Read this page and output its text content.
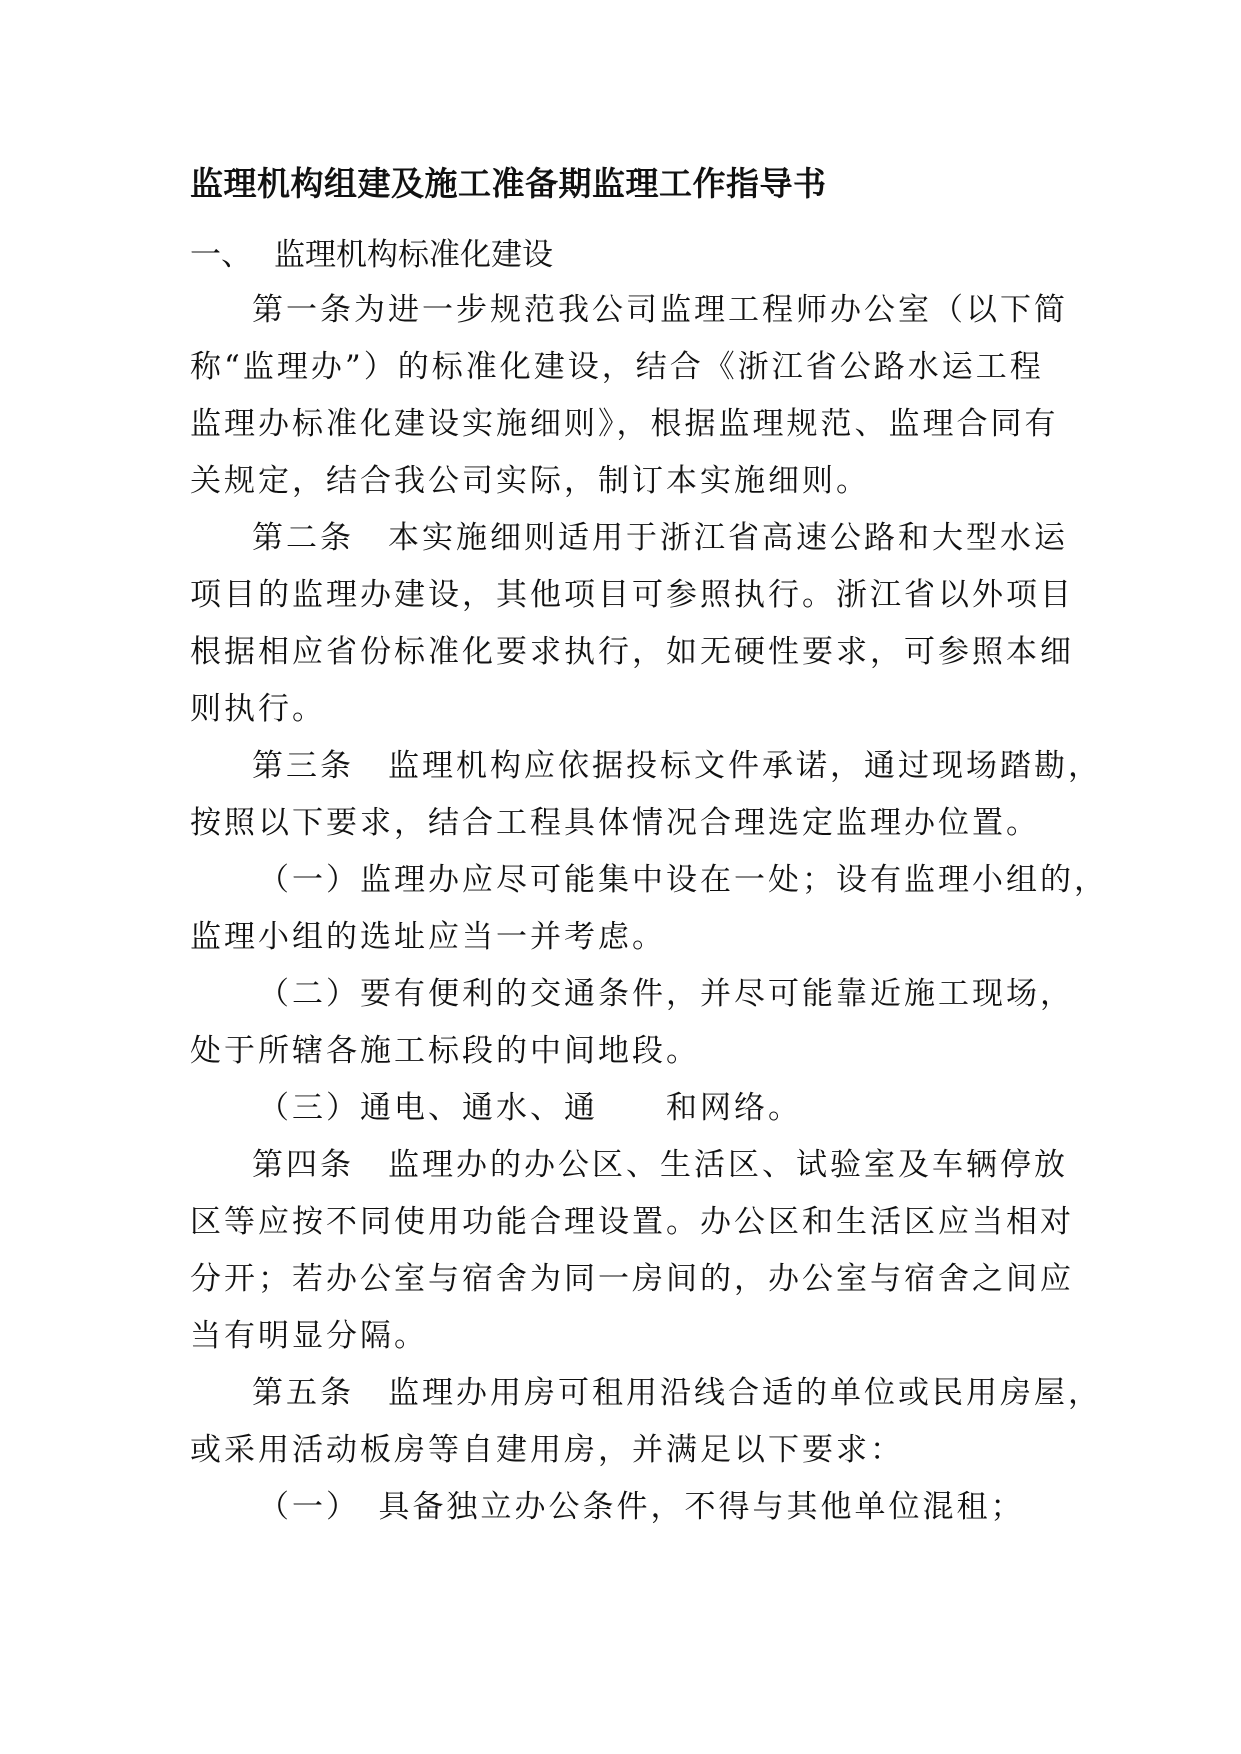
监理机构组建及施工准备期监理工作指导书
一、 监理机构标准化建设
第一条为进一步规范我公司监理工程师办公室（以下简
称“监理办”）的标准化建设，结合《浙江省公路水运工程
监理办标准化建设实施细则》，根据监理规范、监理合同有
关规定，结合我公司实际，制订本实施细则。
第二条　本实施细则适用于浙江省高速公路和大型水运
项目的监理办建设，其他项目可参照执行。浙江省以外项目
根据相应省份标准化要求执行，如无硬性要求，可参照本细
则执行。
第三条　监理机构应依据投标文件承诺，通过现场踏勘，
按照以下要求，结合工程具体情况合理选定监理办位置。
（一）监理办应尽可能集中设在一处；设有监理小组的，
监理小组的选址应当一并考虑。
（二）要有便利的交通条件，并尽可能靠近施工现场，
处于所辖各施工标段的中间地段。
（三）通电、通水、通　　和网络。
第四条　监理办的办公区、生活区、试验室及车辆停放
区等应按不同使用功能合理设置。办公区和生活区应当相对
分开；若办公室与宿舍为同一房间的，办公室与宿舍之间应
当有明显分隔。
第五条　监理办用房可租用沿线合适的单位或民用房屋，
或采用活动板房等自建用房，并满足以下要求：
（一）　具备独立办公条件，不得与其他单位混租；
